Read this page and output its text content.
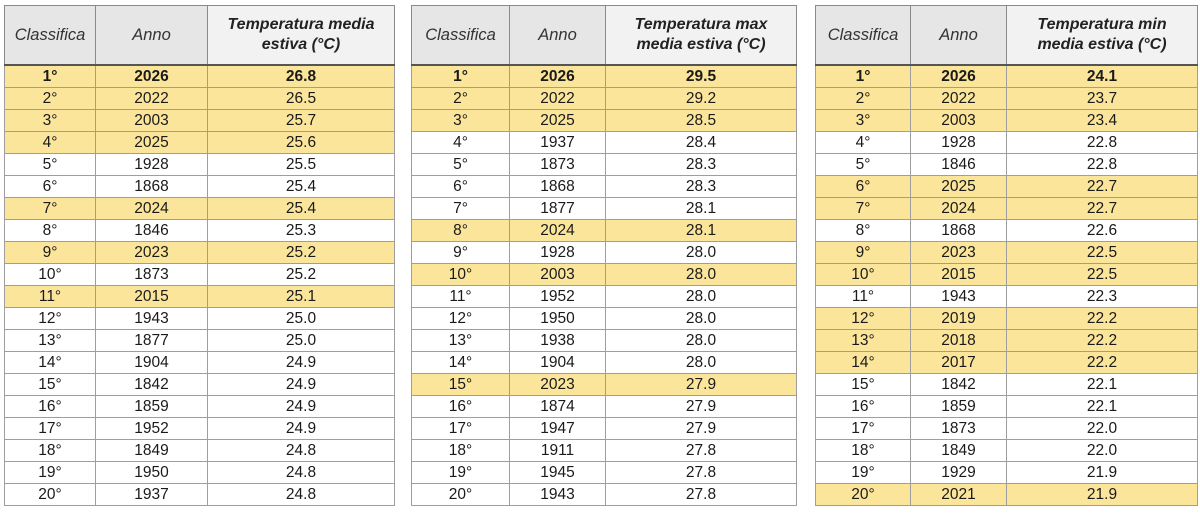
Classifica	Anno	Temperatura media
estiva (°C)
1°	2026	26.8
2°	2022	26.5
3°	2003	25.7
4°	2025	25.6
5°	1928	25.5
6°	1868	25.4
7°	2024	25.4
8°	1846	25.3
9°	2023	25.2
10°	1873	25.2
11°	2015	25.1
12°	1943	25.0
13°	1877	25.0
14°	1904	24.9
15°	1842	24.9
16°	1859	24.9
17°	1952	24.9
18°	1849	24.8
19°	1950	24.8
20°	1937	24.8
Classifica	Anno	Temperatura max
media estiva (°C)
1°	2026	29.5
2°	2022	29.2
3°	2025	28.5
4°	1937	28.4
5°	1873	28.3
6°	1868	28.3
7°	1877	28.1
8°	2024	28.1
9°	1928	28.0
10°	2003	28.0
11°	1952	28.0
12°	1950	28.0
13°	1938	28.0
14°	1904	28.0
15°	2023	27.9
16°	1874	27.9
17°	1947	27.9
18°	1911	27.8
19°	1945	27.8
20°	1943	27.8
Classifica	Anno	Temperatura min
media estiva (°C)
1°	2026	24.1
2°	2022	23.7
3°	2003	23.4
4°	1928	22.8
5°	1846	22.8
6°	2025	22.7
7°	2024	22.7
8°	1868	22.6
9°	2023	22.5
10°	2015	22.5
11°	1943	22.3
12°	2019	22.2
13°	2018	22.2
14°	2017	22.2
15°	1842	22.1
16°	1859	22.1
17°	1873	22.0
18°	1849	22.0
19°	1929	21.9
20°	2021	21.9
